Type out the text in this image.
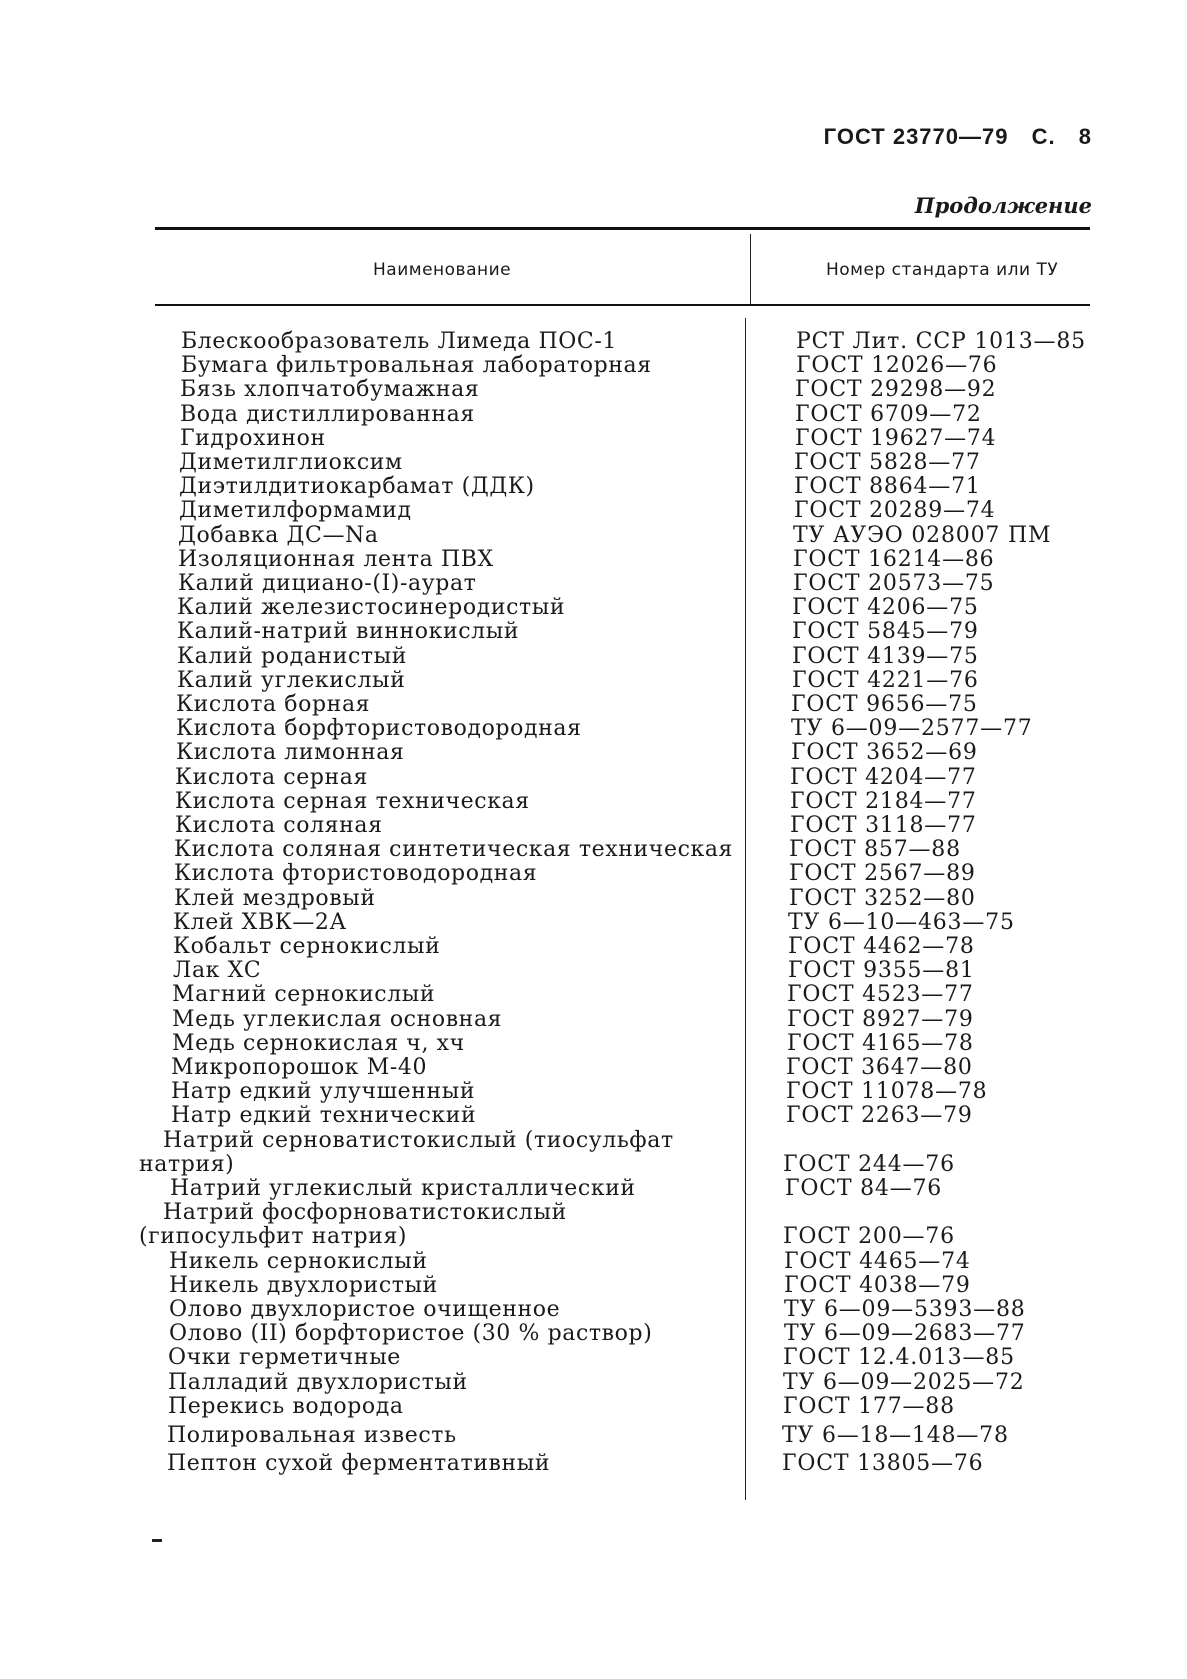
ГОСТ 23770—79 С. 8
Продолжение
Наименование	Номер стандарта или ТУ
Блескообразователь Лимеда ПОС-1
Бумага фильтровальная лабораторная
Бязь хлопчатобумажная
Вода дистиллированная
Гидрохинон
Диметилглиоксим
Диэтилдитиокарбамат (ДДК)
Диметилформамид
Добавка ДС—Na
Изоляционная лента ПВХ
Калий дициано-(I)-аурат
Калий железистосинеродистый
Калий-натрий виннокислый
Калий роданистый
Калий углекислый
Кислота борная
Кислота борфтористоводородная
Кислота лимонная
Кислота серная
Кислота серная техническая
Кислота соляная
Кислота соляная синтетическая техническая
Кислота фтористоводородная
Клей мездровый
Клей ХВК—2А
Кобальт сернокислый
Лак ХС
Магний сернокислый
Медь углекислая основная
Медь сернокислая ч, хч
Микропорошок М-40
Натр едкий улучшенный
Натр едкий технический
Натрий серноватистокислый (тиосульфат натрия)
Натрий углекислый кристаллический
Натрий фосфорноватистокислый (гипосульфит натрия)
Никель сернокислый
Никель двухлористый
Олово двухлористое очищенное
Олово (II) борфтористое (30 % раствор)
Очки герметичные
Палладий двухлористый
Перекись водорода
Полировальная известь
Пептон сухой ферментативный
РСТ Лит. ССР 1013—85
ГОСТ 12026—76
ГОСТ 29298—92
ГОСТ 6709—72
ГОСТ 19627—74
ГОСТ 5828—77
ГОСТ 8864—71
ГОСТ 20289—74
ТУ АУЭО 028007 ПМ
ГОСТ 16214—86
ГОСТ 20573—75
ГОСТ 4206—75
ГОСТ 5845—79
ГОСТ 4139—75
ГОСТ 4221—76
ГОСТ 9656—75
ТУ 6—09—2577—77
ГОСТ 3652—69
ГОСТ 4204—77
ГОСТ 2184—77
ГОСТ 3118—77
ГОСТ 857—88
ГОСТ 2567—89
ГОСТ 3252—80
ТУ 6—10—463—75
ГОСТ 4462—78
ГОСТ 9355—81
ГОСТ 4523—77
ГОСТ 8927—79
ГОСТ 4165—78
ГОСТ 3647—80
ГОСТ 11078—78
ГОСТ 2263—79
ГОСТ 244—76
ГОСТ 84—76
ГОСТ 200—76
ГОСТ 4465—74
ГОСТ 4038—79
ТУ 6—09—5393—88
ТУ 6—09—2683—77
ГОСТ 12.4.013—85
ТУ 6—09—2025—72
ГОСТ 177—88
ТУ 6—18—148—78
ГОСТ 13805—76
